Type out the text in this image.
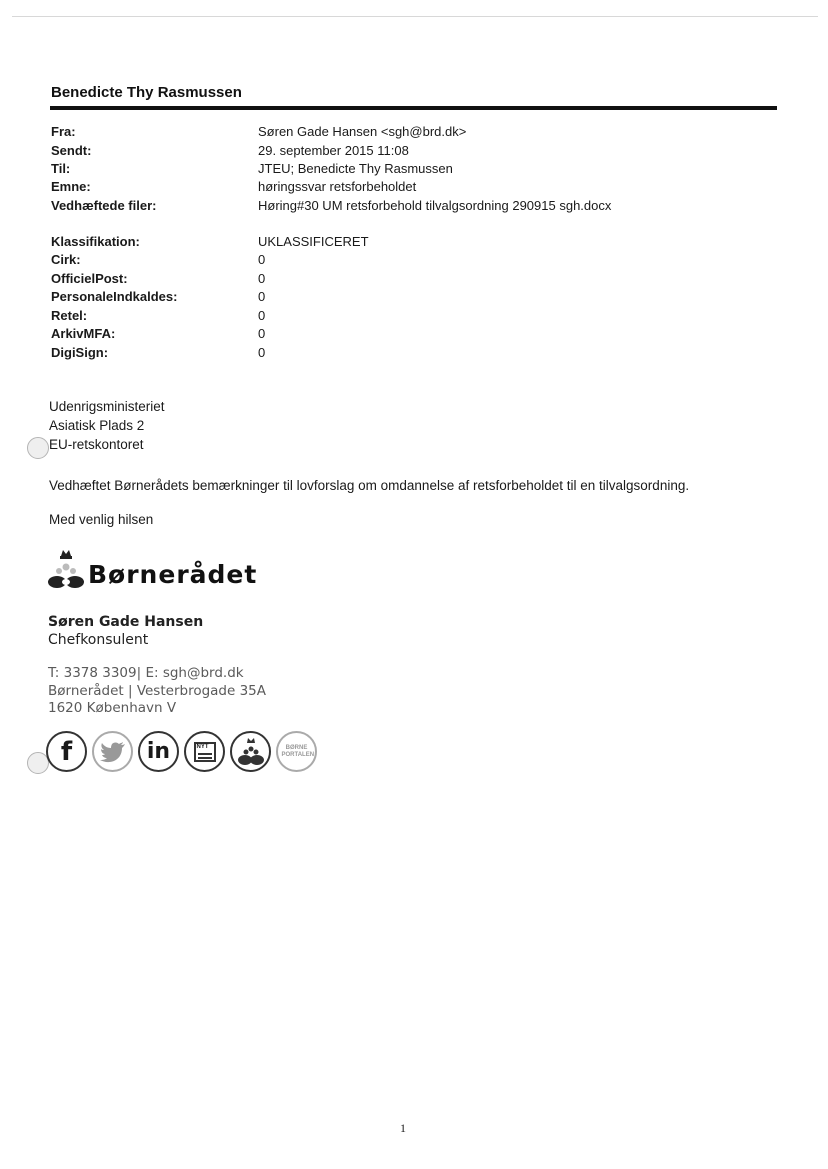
Benedicte Thy Rasmussen
Fra:	Søren Gade Hansen <sgh@brd.dk>
Sendt:	29. september 2015 11:08
Til:	JTEU; Benedicte Thy Rasmussen
Emne:	høringssvar retsforbeholdet
Vedhæftede filer:	Høring#30 UM retsforbehold tilvalgsordning 290915 sgh.docx
Klassifikation:	UKLASSIFICERET
Cirk:	0
OfficielPost:	0
PersonaleIndkaldes:	0
Retel:	0
ArkivMFA:	0
DigiSign:	0
Udenrigsministeriet
Asiatisk Plads 2
EU-retskontoret
Vedhæftet Børnerådets bemærkninger til lovforslag om omdannelse af retsforbeholdet til en tilvalgsordning.
Med venlig hilsen
Børnerådet
Søren Gade Hansen
Chefkonsulent
T: 3378 3309| E: sgh@brd.dk
Børnerådet | Vesterbrogade 35A
1620 København V
f	in	NYT	BØRNE PORTALEN
1
